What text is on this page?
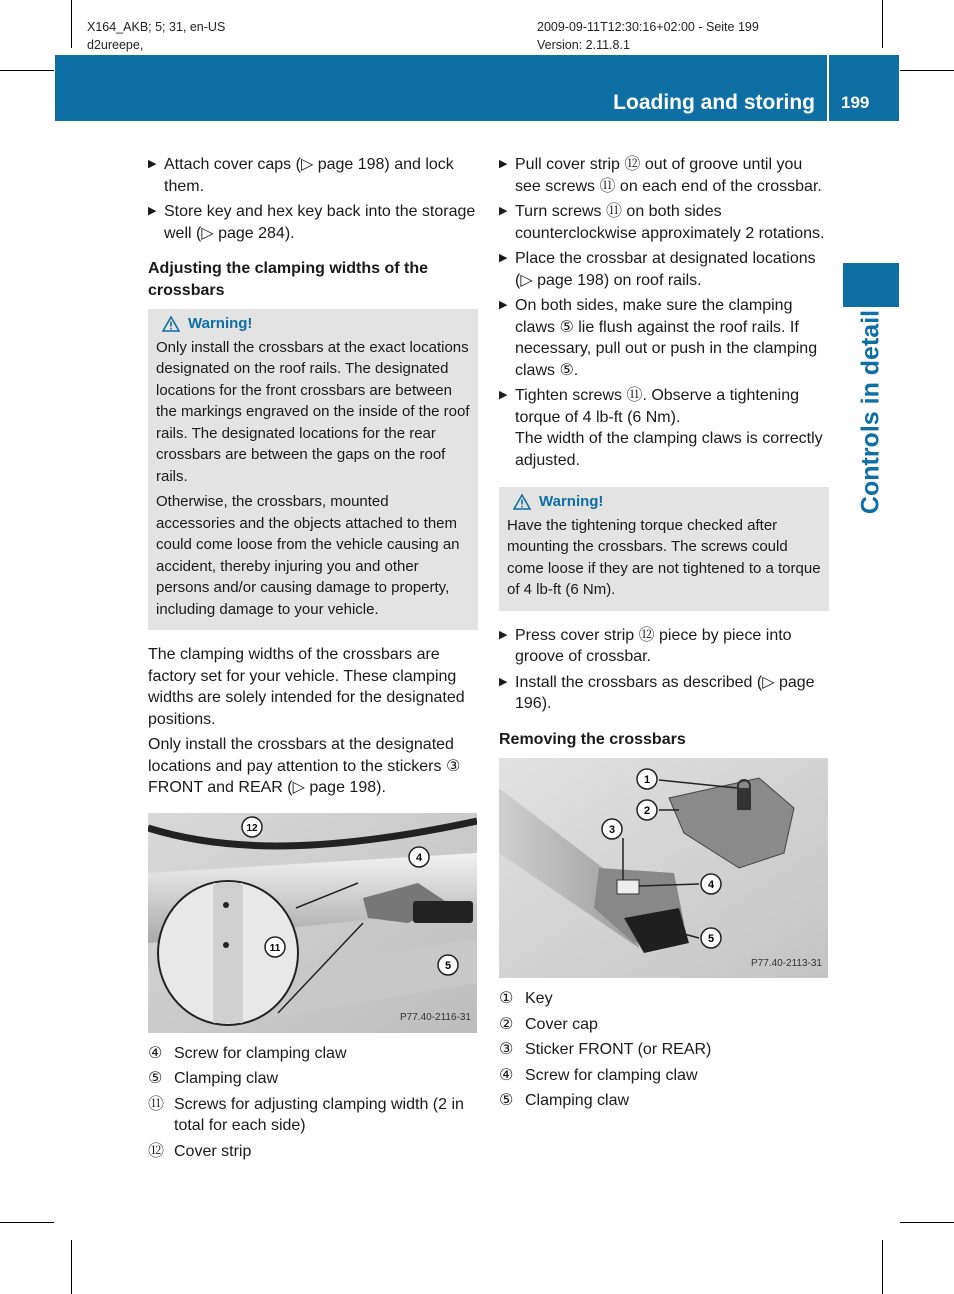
X164_AKB; 5; 31, en-US
d2ureepe,
2009-09-11T12:30:16+02:00 - Seite 199
Version: 2.11.8.1
Loading and storing 199
Controls in detail
▶ Attach cover caps (▷ page 198) and lock them.
▶ Store key and hex key back into the storage well (▷ page 284).
Adjusting the clamping widths of the crossbars
Warning!

Only install the crossbars at the exact locations designated on the roof rails. The designated locations for the front crossbars are between the markings engraved on the inside of the roof rails. The designated locations for the rear crossbars are between the gaps on the roof rails.

Otherwise, the crossbars, mounted accessories and the objects attached to them could come loose from the vehicle causing an accident, thereby injuring you and other persons and/or causing damage to property, including damage to your vehicle.

The clamping widths of the crossbars are factory set for your vehicle. These clamping widths are solely intended for the designated positions.

Only install the crossbars at the designated locations and pay attention to the stickers ③ FRONT and REAR (▷ page 198).

12
4
11
5
P77.40-2116-31
④ Screw for clamping claw
⑤ Clamping claw
⑪ Screws for adjusting clamping width (2 in total for each side)
⑫ Cover strip
▶ Pull cover strip ⑫ out of groove until you see screws ⑪ on each end of the crossbar.
▶ Turn screws ⑪ on both sides counterclockwise approximately 2 rotations.
▶ Place the crossbar at designated locations (▷ page 198) on roof rails.
▶ On both sides, make sure the clamping claws ⑤ lie flush against the roof rails. If necessary, pull out or push in the clamping claws ⑤.
▶ Tighten screws ⑪. Observe a tightening torque of 4 lb-ft (6 Nm).
The width of the clamping claws is correctly adjusted.
Warning!

Have the tightening torque checked after mounting the crossbars. The screws could come loose if they are not tightened to a torque of 4 lb-ft (6 Nm).

▶ Press cover strip ⑫ piece by piece into groove of crossbar.
▶ Install the crossbars as described (▷ page 196).
Removing the crossbars
1
2
3
4
5
P77.40-2113-31
① Key
② Cover cap
③ Sticker FRONT (or REAR)
④ Screw for clamping claw
⑤ Clamping claw
